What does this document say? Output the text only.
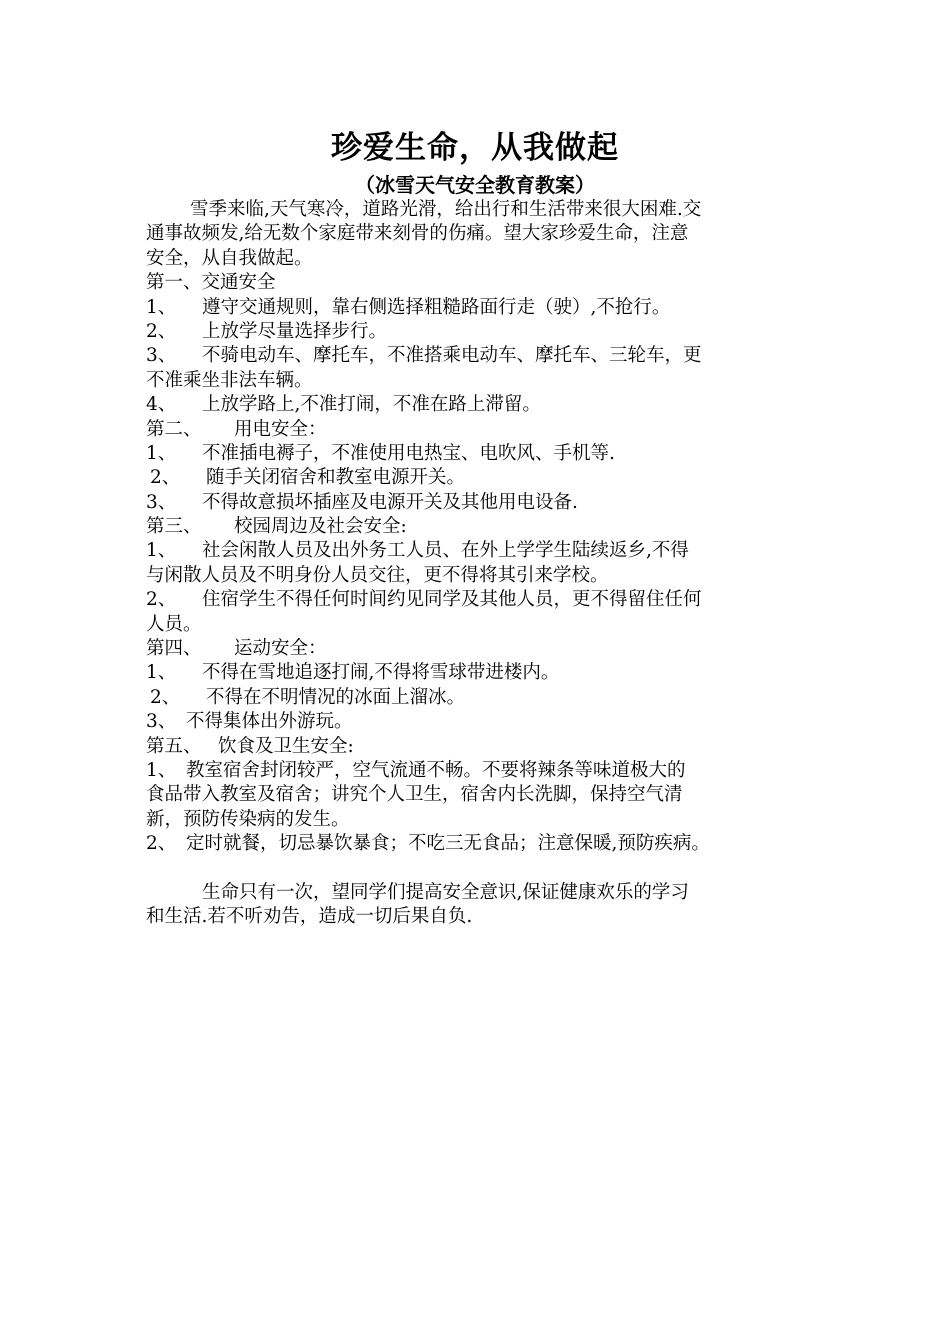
珍爱生命，从我做起
（冰雪天气安全教育教案）
雪季来临,天气寒冷，道路光滑，给出行和生活带来很大困难.交
通事故频发,给无数个家庭带来刻骨的伤痛。望大家珍爱生命，注意
安全，从自我做起。
第一、交通安全
1、 遵守交通规则，靠右侧选择粗糙路面行走（驶）,不抢行。
2、 上放学尽量选择步行。
3、 不骑电动车、摩托车，不准搭乘电动车、摩托车、三轮车，更
不准乘坐非法车辆。
4、 上放学路上,不准打闹，不准在路上滞留。
第二、 用电安全：
1、 不准插电褥子，不准使用电热宝、电吹风、手机等.
2、 随手关闭宿舍和教室电源开关。
3、 不得故意损坏插座及电源开关及其他用电设备.
第三、 校园周边及社会安全:
1、 社会闲散人员及出外务工人员、在外上学学生陆续返乡,不得
与闲散人员及不明身份人员交往，更不得将其引来学校。
2、 住宿学生不得任何时间约见同学及其他人员，更不得留住任何
人员。
第四、 运动安全：
1、 不得在雪地追逐打闹,不得将雪球带进楼内。
2、 不得在不明情况的冰面上溜冰。
3、 不得集体出外游玩。
第五、 饮食及卫生安全:
1、 教室宿舍封闭较严，空气流通不畅。不要将辣条等味道极大的
食品带入教室及宿舍；讲究个人卫生，宿舍内长洗脚，保持空气清
新，预防传染病的发生。
2、 定时就餐，切忌暴饮暴食；不吃三无食品；注意保暖,预防疾病。
生命只有一次，望同学们提高安全意识,保证健康欢乐的学习
和生活.若不听劝告，造成一切后果自负.
